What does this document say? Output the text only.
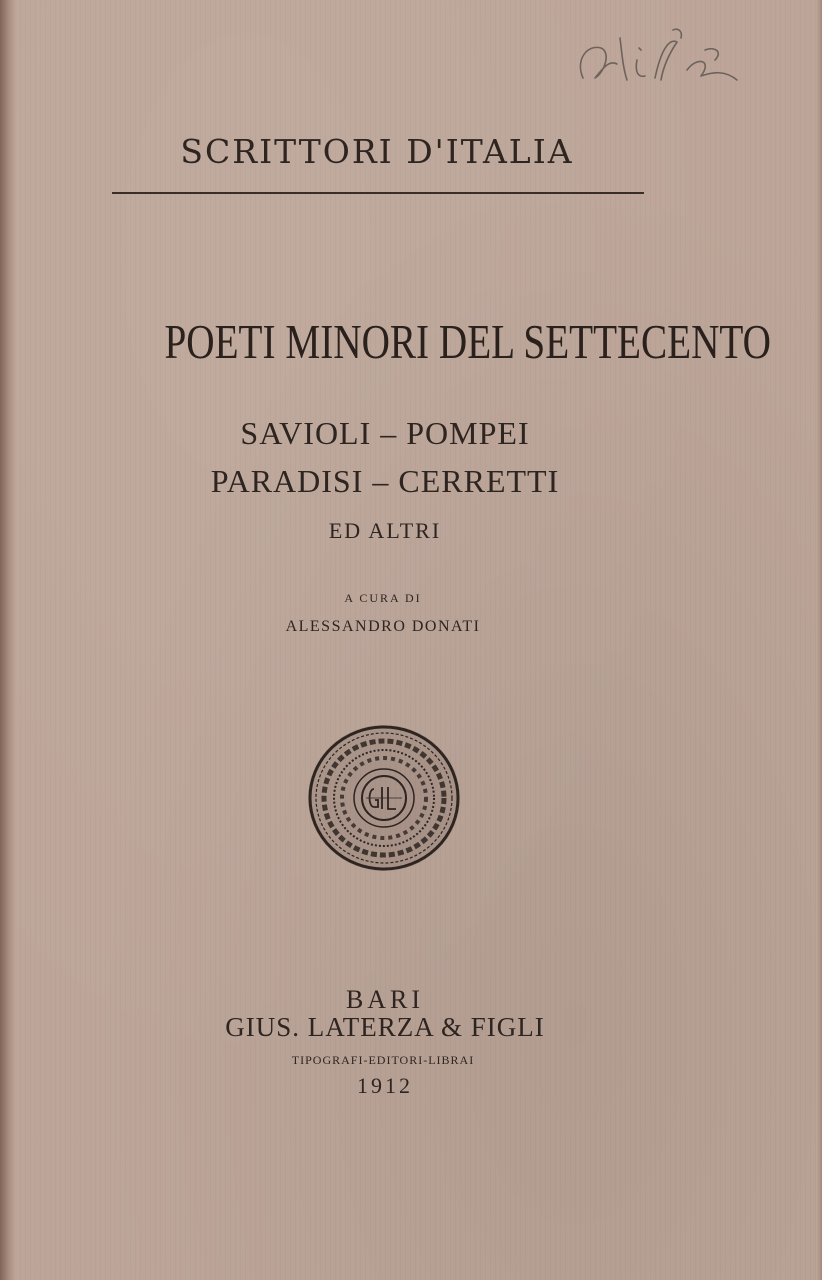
SCRITTORI D'ITALIA
POETI MINORI DEL SETTECENTO
SAVIOLI – POMPEI
PARADISI – CERRETTI
ED ALTRI
A CURA DI
ALESSANDRO DONATI
BARI
GIUS. LATERZA & FIGLI
TIPOGRAFI-EDITORI-LIBRAI
1912
